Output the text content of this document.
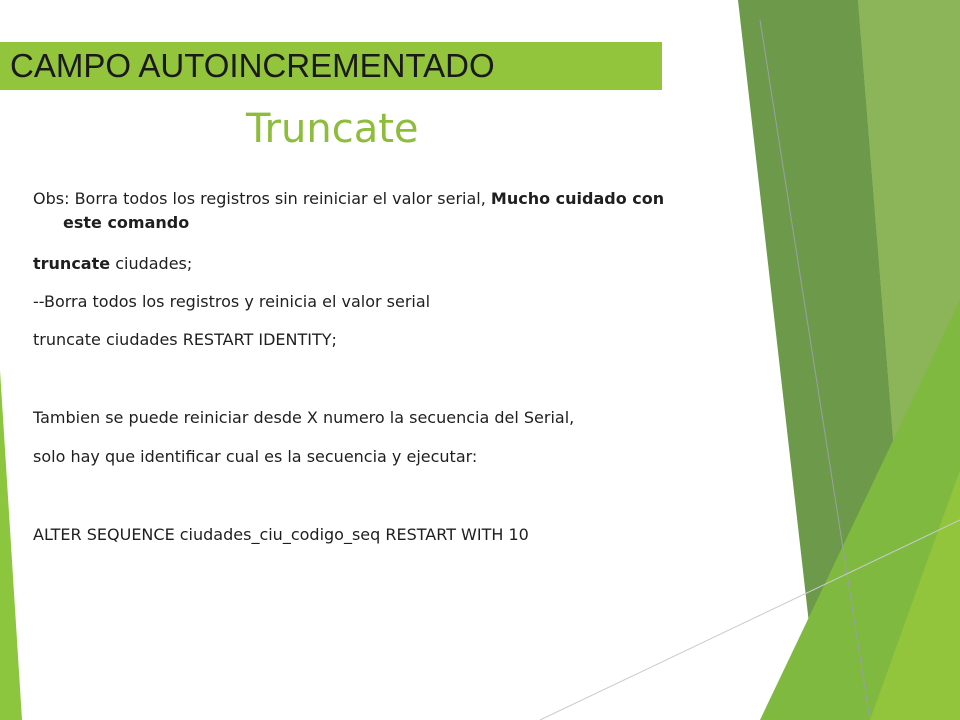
CAMPO AUTOINCREMENTADO
Truncate
Obs: Borra todos los registros sin reiniciar el valor serial, Mucho cuidado con este comando
truncate ciudades;
--Borra todos los registros y reinicia el valor serial
truncate ciudades RESTART IDENTITY;
Tambien se puede reiniciar desde X numero la secuencia del Serial,
solo hay que identificar cual es la secuencia y ejecutar:
ALTER SEQUENCE ciudades_ciu_codigo_seq RESTART WITH 10
